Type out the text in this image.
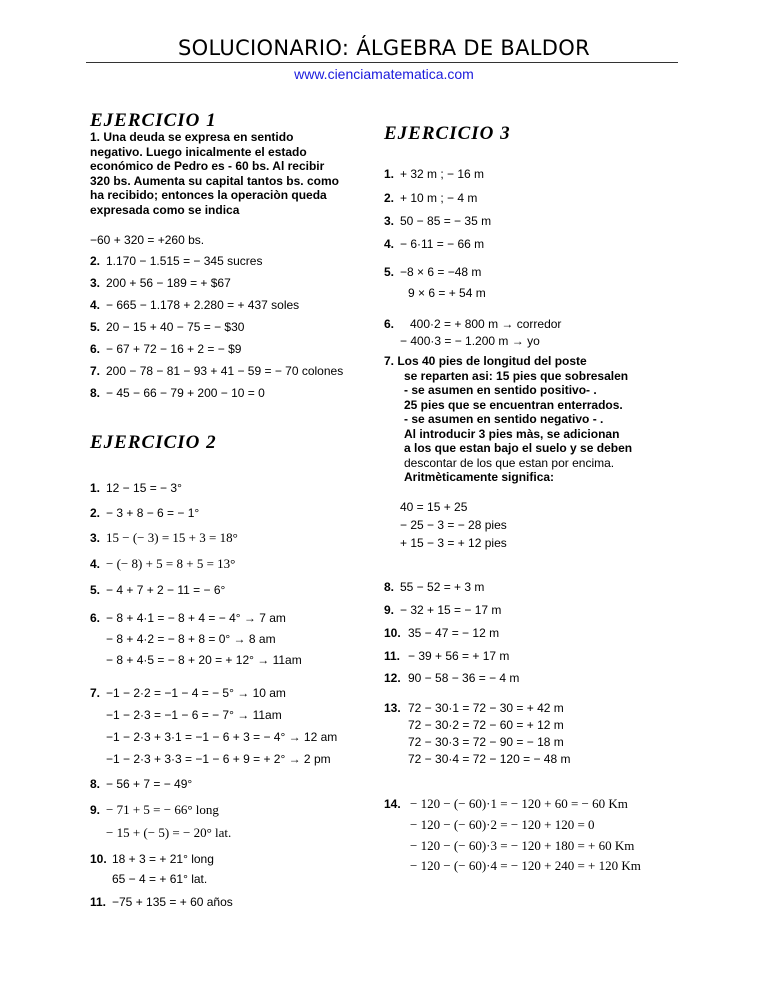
SOLUCIONARIO: ÁLGEBRA DE BALDOR
www.cienciamatematica.com
EJERCICIO 1
1. Una deuda se expresa en sentido negativo. Luego inicalmente el estado económico de Pedro es - 60 bs. Al recibir 320 bs. Aumenta su capital tantos bs. como ha recibido; entonces la operaciòn queda expresada como se indica
−60 + 320 = +260 bs.
2. 1.170 − 1.515 = − 345 sucres
3. 200 + 56 − 189 = + $67
4. − 665 − 1.178 + 2.280 = + 437 soles
5. 20 − 15 + 40 − 75 = − $30
6. − 67 + 72 − 16 + 2 = − $9
7. 200 − 78 − 81 − 93 + 41 − 59 = − 70 colones
8. − 45 − 66 − 79 + 200 − 10 = 0
EJERCICIO 2
1. 12 − 15 = − 3°
2. − 3 + 8 − 6 = − 1°
3. 15 − (− 3) = 15 + 3 = 18°
4. − (− 8) + 5 = 8 + 5 = 13°
5. − 4 + 7 + 2 − 11 = − 6°
6. − 8 + 4·1 = − 8 + 4 = − 4° → 7 am
− 8 + 4·2 = − 8 + 8 = 0° → 8 am
− 8 + 4·5 = − 8 + 20 = + 12° → 11am
7. −1 − 2·2 = −1 − 4 = − 5° → 10 am
−1 − 2·3 = −1 − 6 = − 7° → 11am
−1 − 2·3 + 3·1 = −1 − 6 + 3 = − 4° → 12 am
−1 − 2·3 + 3·3 = −1 − 6 + 9 = + 2° → 2 pm
8. − 56 + 7 = − 49°
9. − 71 + 5 = − 66° long
− 15 + (− 5) = − 20° lat.
10. 18 + 3 = + 21° long
65 − 4 = + 61° lat.
11. −75 + 135 = + 60 años
EJERCICIO 3
1. + 32 m ; − 16 m
2. + 10 m ; − 4 m
3. 50 − 85 = − 35 m
4. − 6·11 = − 66 m
5. −8 × 6 = −48 m
9 × 6 = + 54 m
6. 400·2 = + 800 m → corredor
− 400·3 = − 1.200 m → yo
7. Los 40 pies de longitud del poste
se reparten asi: 15 pies que sobresalen
- se asumen en sentido positivo- .
25 pies que se encuentran enterrados.
- se asumen en sentido negativo - .
Al introducir 3 pies màs, se adicionan
a los que estan bajo el suelo y se deben
descontar de los que estan por encima.
Aritmèticamente significa:
40 = 15 + 25
− 25 − 3 = − 28 pies
+ 15 − 3 = + 12 pies
8. 55 − 52 = + 3 m
9. − 32 + 15 = − 17 m
10. 35 − 47 = − 12 m
11. − 39 + 56 = + 17 m
12. 90 − 58 − 36 = − 4 m
13. 72 − 30·1 = 72 − 30 = + 42 m
72 − 30·2 = 72 − 60 = + 12 m
72 − 30·3 = 72 − 90 = − 18 m
72 − 30·4 = 72 − 120 = − 48 m
14. − 120 − (− 60)·1 = − 120 + 60 = − 60 Km
− 120 − (− 60)·2 = − 120 + 120 = 0
− 120 − (− 60)·3 = − 120 + 180 = + 60 Km
− 120 − (− 60)·4 = − 120 + 240 = + 120 Km
